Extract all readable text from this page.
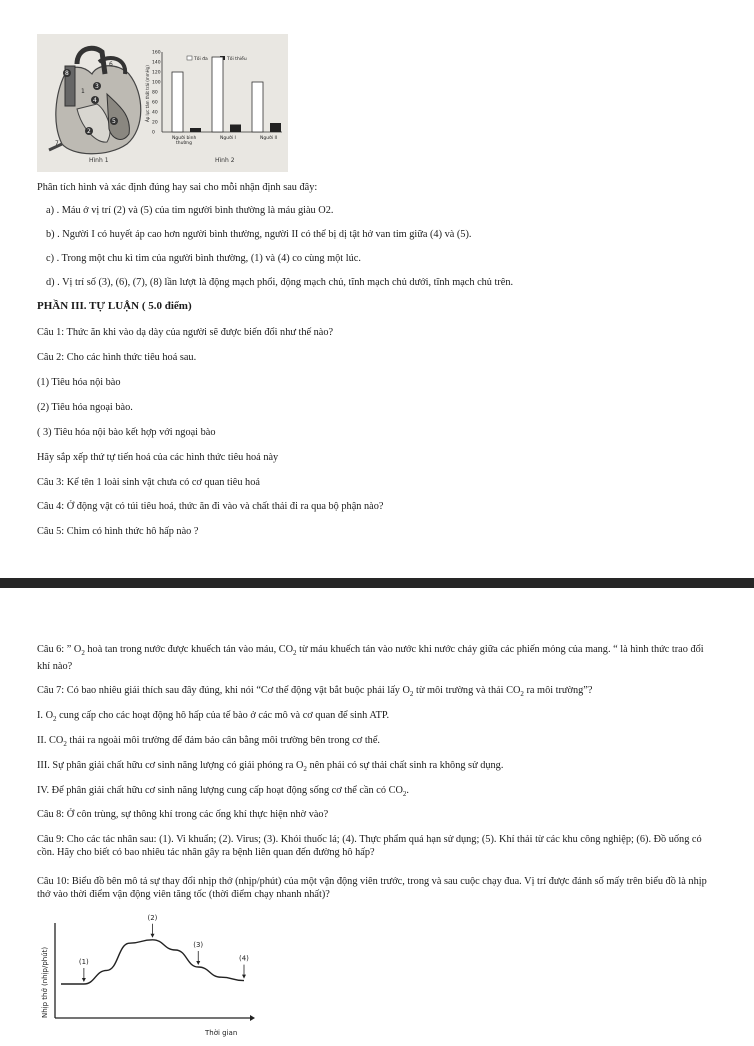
2
3
4
5
8
1
6
7
Hình 1	Hình 2
160
140
120
100
80
60
40
20
0
Áp lực tâm thất trái (mmHg)
Tối đa	Tối thiểu
Người bình
thường
Người I	Người II
Phân tích hình và xác định đúng hay sai cho mỗi nhận định sau đây:
a) . Máu ở vị trí (2) và (5) của tim người bình thường là máu giàu O2.
b) . Người I có huyết áp cao hơn người bình thường, người II có thể bị dị tật hở van tim giữa (4) và (5).
c) . Trong một chu kì tim của người bình thường, (1) và (4) co cùng một lúc.
d) . Vị trí số (3), (6), (7), (8) lần lượt là động mạch phổi, động mạch chủ, tĩnh mạch chủ dưới, tĩnh mạch chủ trên.
PHẦN III. TỰ LUẬN ( 5.0 điểm)
Câu 1: Thức ăn khi vào dạ dày của người sẽ được biến đổi như thế nào?
Câu 2: Cho các hình thức tiêu hoá sau.
(1) Tiêu hóa nội bào
(2) Tiêu hóa ngoại bào.
( 3) Tiêu hóa nội bào kết hợp với ngoại bào
Hãy sắp xếp thứ tự tiến hoá của các hình thức tiêu hoá này
Câu 3: Kể tên 1 loài sinh vật chưa có cơ quan tiêu hoá
Câu 4: Ở động vật có túi tiêu hoá, thức ăn đi vào và chất thải đi ra qua bộ phận nào?
Câu 5: Chim có hình thức hô hấp nào ?
Câu 6: ” $O_2$ hoà tan trong nước được khuếch tán vào máu, $CO_2$ từ máu khuếch tán vào nước khi nước chảy giữa các phiến mỏng của mang. “ là hình thức trao đổi khí nào?
Câu 7: Có bao nhiêu giải thích sau đây đúng, khi nói “Cơ thể động vật bắt buộc phải lấy $O_2$ từ môi trường và thải $CO_2$ ra môi trường”?
I. $O_2$ cung cấp cho các hoạt động hô hấp của tế bào ở các mô và cơ quan để sinh ATP.
II. $CO_2$ thải ra ngoài môi trường để đảm bảo cân bằng môi trường bên trong cơ thể.
III. Sự phân giải chất hữu cơ sinh năng lượng có giải phóng ra $O_2$ nên phải có sự thải chất sinh ra không sử dụng.
IV. Để phân giải chất hữu cơ sinh năng lượng cung cấp hoạt động sống cơ thể cần có $CO_2$.
Câu 8: Ở côn trùng, sự thông khí trong các ống khí thực hiện nhờ vào?
Câu 9: Cho các tác nhân sau: (1). Vi khuẩn; (2). Virus; (3). Khói thuốc lá; (4). Thực phẩm quá hạn sử dụng; (5). Khí thải từ các khu công nghiệp; (6). Đồ uống có cồn. Hãy cho biết có bao nhiêu tác nhân gây ra bệnh liên quan đến đường hô hấp?
Câu 10: Biểu đồ bên mô tả sự thay đổi nhịp thở (nhịp/phút) của một vận động viên trước, trong và sau cuộc chạy đua. Vị trí được đánh số mấy trên biểu đồ là nhịp thở vào thời điểm vận động viên tăng tốc (thời điểm chạy nhanh nhất)?
Nhịp thở (nhịp/phút)
Thời gian
(1)
(2)
(3)
(4)
